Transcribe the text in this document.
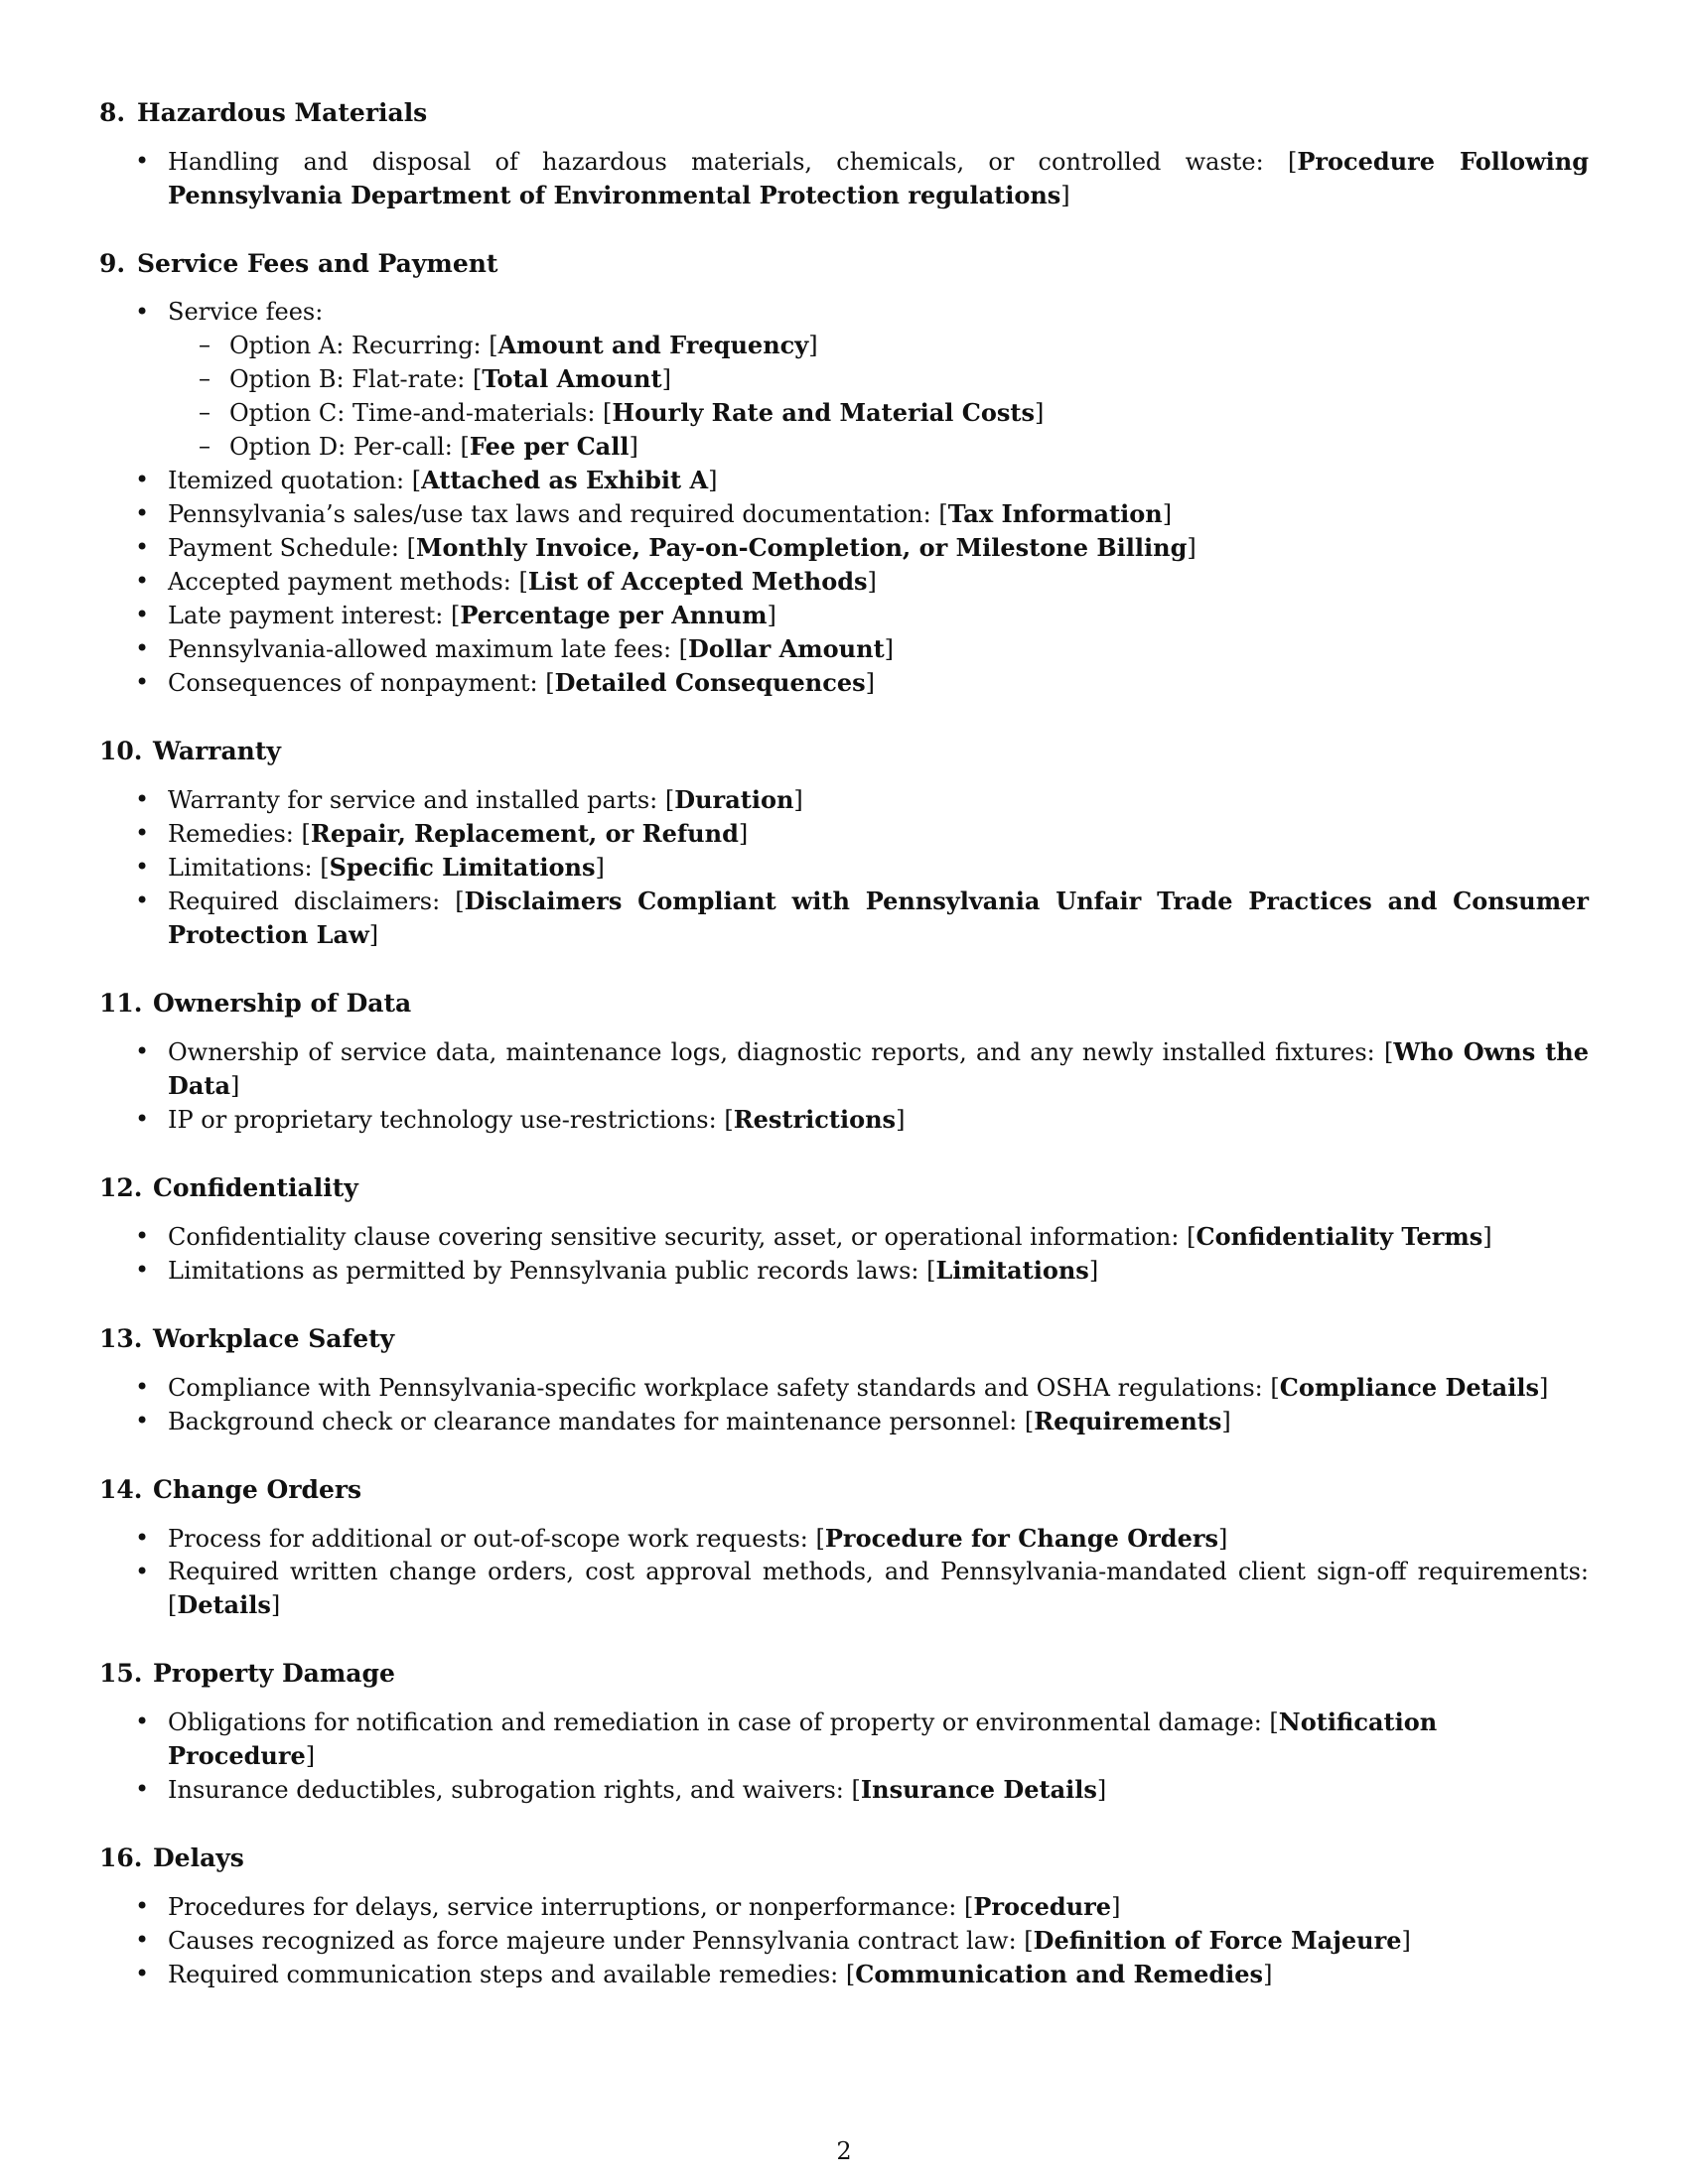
8. Hazardous Materials
• Handling and disposal of hazardous materials, chemicals, or controlled waste: [Procedure Following Pennsylvania Department of Environmental Protection regulations]
9. Service Fees and Payment
• Service fees:
– Option A: Recurring: [Amount and Frequency]
– Option B: Flat-rate: [Total Amount]
– Option C: Time-and-materials: [Hourly Rate and Material Costs]
– Option D: Per-call: [Fee per Call]
• Itemized quotation: [Attached as Exhibit A]
• Pennsylvania’s sales/use tax laws and required documentation: [Tax Information]
• Payment Schedule: [Monthly Invoice, Pay-on-Completion, or Milestone Billing]
• Accepted payment methods: [List of Accepted Methods]
• Late payment interest: [Percentage per Annum]
• Pennsylvania-allowed maximum late fees: [Dollar Amount]
• Consequences of nonpayment: [Detailed Consequences]
10. Warranty
• Warranty for service and installed parts: [Duration]
• Remedies: [Repair, Replacement, or Refund]
• Limitations: [Specific Limitations]
• Required disclaimers: [Disclaimers Compliant with Pennsylvania Unfair Trade Practices and Consumer Protection Law]
11. Ownership of Data
• Ownership of service data, maintenance logs, diagnostic reports, and any newly installed fixtures: [Who Owns the Data]
• IP or proprietary technology use-restrictions: [Restrictions]
12. Confidentiality
• Confidentiality clause covering sensitive security, asset, or operational information: [Confidentiality Terms]
• Limitations as permitted by Pennsylvania public records laws: [Limitations]
13. Workplace Safety
• Compliance with Pennsylvania-specific workplace safety standards and OSHA regulations: [Compliance Details]
• Background check or clearance mandates for maintenance personnel: [Requirements]
14. Change Orders
• Process for additional or out-of-scope work requests: [Procedure for Change Orders]
• Required written change orders, cost approval methods, and Pennsylvania-mandated client sign-off requirements: [Details]
15. Property Damage
• Obligations for notification and remediation in case of property or environmental damage: [Notification Procedure]
• Insurance deductibles, subrogation rights, and waivers: [Insurance Details]
16. Delays
• Procedures for delays, service interruptions, or nonperformance: [Procedure]
• Causes recognized as force majeure under Pennsylvania contract law: [Definition of Force Majeure]
• Required communication steps and available remedies: [Communication and Remedies]
2
